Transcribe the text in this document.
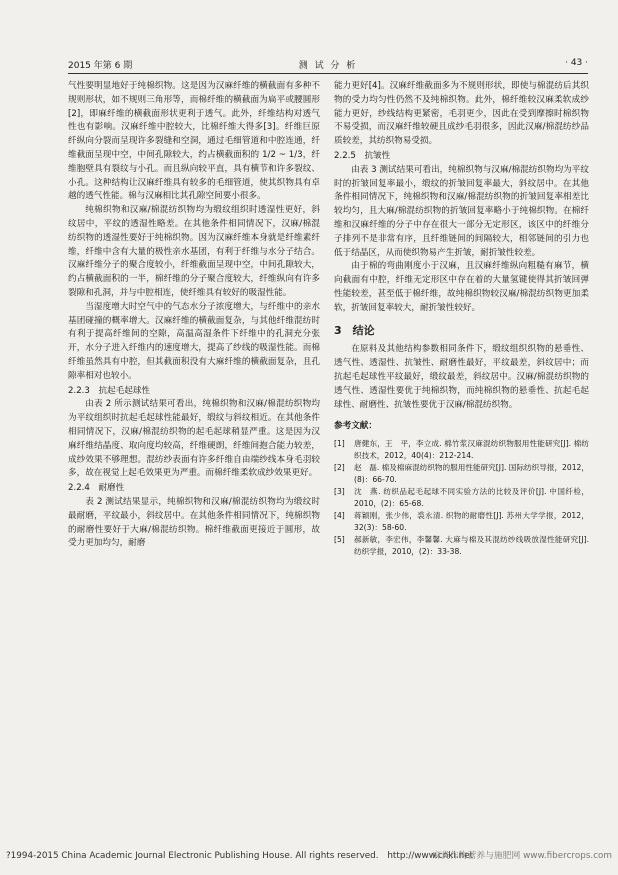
2015 年第 6 期	测 试 分 析	· 43 ·

气性要明显地好于纯棉织物。这是因为汉麻纤维的横截面有多种不规则形状，如不规则三角形等，而棉纤维的横截面为扁平或腰圆形[2]，即麻纤维的横截面形状更利于透气。此外，纤维结构对透气性也有影响。汉麻纤维中腔较大，比棉纤维大得多[3]。纤维巨原纤纵向分裂而呈现许多裂缝和空洞，通过毛细管道和中腔连通，纤维截面呈现中空，中间孔隙较大，约占横截面积的 1/2 ~ 1/3，纤维胞壁具有裂纹与小孔。而且纵向较平直，具有横节和许多裂纹、小孔。这种结构让汉麻纤维具有较多的毛细管道，使其织物具有卓越的透气性能。棉与汉麻相比其孔隙空间要小很多。

纯棉织物和汉麻/棉混纺织物均为缎纹组织时透湿性更好，斜纹居中，平纹的透湿性略差。在其他条件相同情况下，汉麻/棉混纺织物的透湿性要好于纯棉织物。因为汉麻纤维本身就是纤维素纤维，纤维中含有大量的极性亲水基团，有利于纤维与水分子结合。汉麻纤维分子的聚合度较小，纤维截面呈现中空，中间孔隙较大，约占横截面积的一半，棉纤维的分子聚合度较大，纤维纵向有许多裂隙和孔洞，并与中腔相连，使纤维具有较好的吸湿性能。

当湿度增大时空气中的气态水分子浓度增大，与纤维中的亲水基团碰撞的概率增大。汉麻纤维的横截面复杂，与其他纤维混纺时有利于提高纤维间的空隙，高温高湿条件下纤维中的孔洞充分张开，水分子进入纤维内的速度增大，提高了纱线的吸湿性能。而棉纤维虽然具有中腔，但其截面积没有大麻纤维的横截面复杂，且孔隙率相对也较小。

2.2.3　抗起毛起球性

由表 2 所示测试结果可看出，纯棉织物和汉麻/棉混纺织物均为平纹组织时抗起毛起球性能最好，缎纹与斜纹相近。在其他条件相同情况下，汉麻/棉混纺织物的起毛起球稍显严重。这是因为汉麻纤维结晶度、取向度均较高，纤维硬朗，纤维间抱合能力较差，成纱效果不够理想。混纺纱表面有许多纤维自由端纱线本身毛羽较多，故在视觉上起毛效果更为严重。而棉纤维柔软成纱效果更好。

2.2.4　耐磨性

表 2 测试结果显示，纯棉织物和汉麻/棉混纺织物均为缎纹时最耐磨，平纹最小，斜纹居中。在其他条件相同情况下，纯棉织物的耐磨性要好于大麻/棉混纺织物。棉纤维截面更接近于圆形，故受力更加均匀，耐磨

能力更好[4]。汉麻纤维截面多为不规则形状，即使与棉混纺后其织物的受力均匀性仍然不及纯棉织物。此外，棉纤维较汉麻柔软成纱能力更好，纱线结构更紧密，毛羽更少，因此在受到摩擦时棉织物不易受损，而汉麻纤维较硬且成纱毛羽很多，因此汉麻/棉混纺纱品质较差，其纺织物易受损。

2.2.5　抗皱性

由表 3 测试结果可看出，纯棉织物与汉麻/棉混纺织物均为平纹时的折皱回复率最小，缎纹的折皱回复率最大，斜纹居中。在其他条件相同情况下，纯棉织物和汉麻/棉混纺织物的折皱回复率相差比较均匀，且大麻/棉混纺织物的折皱回复率略小于纯棉织物。在棉纤维和汉麻纤维的分子中存在很大一部分无定形区，该区中的纤维分子排列不是非常有序，且纤维链间的间隔较大，相邻链间的引力也低于结晶区，从而使织物易产生折皱，耐折皱性较差。

由于棉的弯曲刚度小于汉麻，且汉麻纤维纵向粗糙有麻节，横向截面有中腔，纤维无定形区中存在着的大量氢键使得其折皱回弹性能较差，甚至低于棉纤维，故纯棉织物较汉麻/棉混纺织物更加柔软，折皱回复率较大，耐折皱性较好。

3　结论

在原料及其他结构参数相同条件下，缎纹组织织物的悬垂性、透气性、透湿性、抗皱性、耐磨性最好，平纹最差，斜纹居中；而抗起毛起球性平纹最好，缎纹最差，斜纹居中。汉麻/棉混纺织物的透气性、透湿性要优于纯棉织物，而纯棉织物的悬垂性、抗起毛起球性、耐磨性、抗皱性要优于汉麻/棉混纺织物。

参考文献：

[1]	唐健东，王　平，李立成. 棉竹浆汉麻混纺织物服用性能研究[J]. 棉纺织技术，2012，40(4)：212-214.
[2]	赵　磊. 棉及棉麻混纺织物的服用性能研究[J]. 国际纺织导报，2012，(8)：66-70.
[3]	沈　燕. 纺织品起毛起球不同实验方法的比较及评价[J]. 中国纤检，2010，(2)：65-68.
[4]	蒋颖刚，张少伟，裘永清. 织物的耐磨性[J]. 苏州大学学报，2012，32(3)：58-60.
[5]	郝新敏，李宏伟，李馨馨. 大麻与棉及其混纺纱线吸放湿性能研究[J]. 纺织学报，2010，(2)：33-38.
?1994-2015 China Academic Journal Electronic Publishing House. All rights reserved.　http://www.cnki.net
麻类作物营养与施肥网 www.fibercrops.com
